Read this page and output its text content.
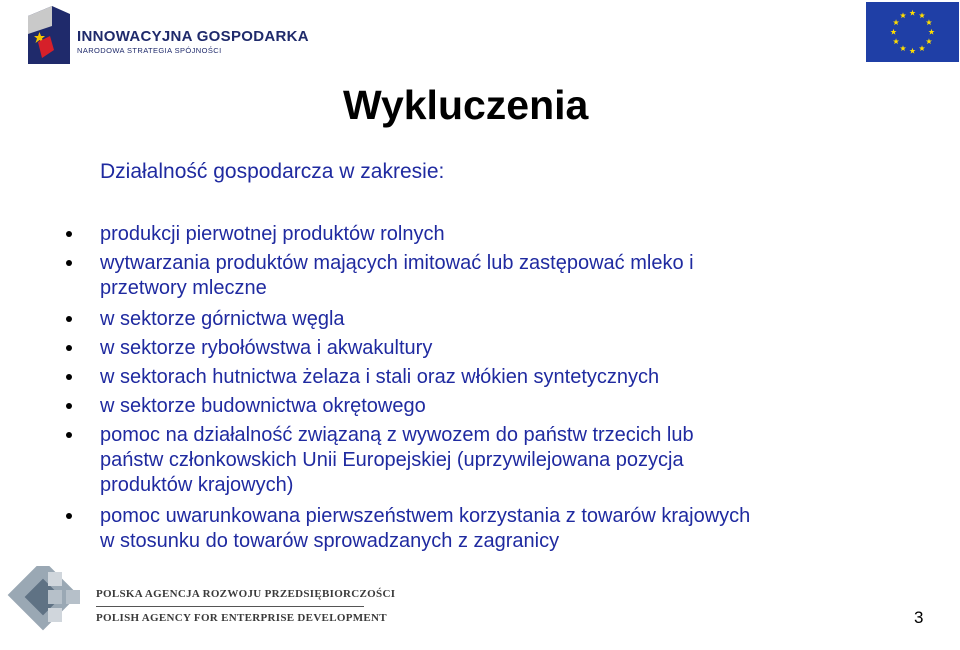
INNOWACYJNA GOSPODARKA
NARODOWA STRATEGIA SPÓJNOŚCI
Wykluczenia
Działalność gospodarcza w zakresie:
produkcji pierwotnej produktów rolnych
wytwarzania produktów mających imitować lub zastępować mleko i
przetwory mleczne
w sektorze górnictwa węgla
w sektorze rybołówstwa i akwakultury
w sektorach hutnictwa żelaza i stali oraz włókien syntetycznych
w sektorze budownictwa okrętowego
pomoc na działalność związaną z wywozem do państw trzecich lub
państw członkowskich Unii Europejskiej (uprzywilejowana pozycja
produktów krajowych)
pomoc uwarunkowana pierwszeństwem korzystania z towarów krajowych
w stosunku do towarów sprowadzanych z zagranicy
POLSKA AGENCJA ROZWOJU PRZEDSIĘBIORCZOŚCI
POLISH AGENCY FOR ENTERPRISE DEVELOPMENT	3
